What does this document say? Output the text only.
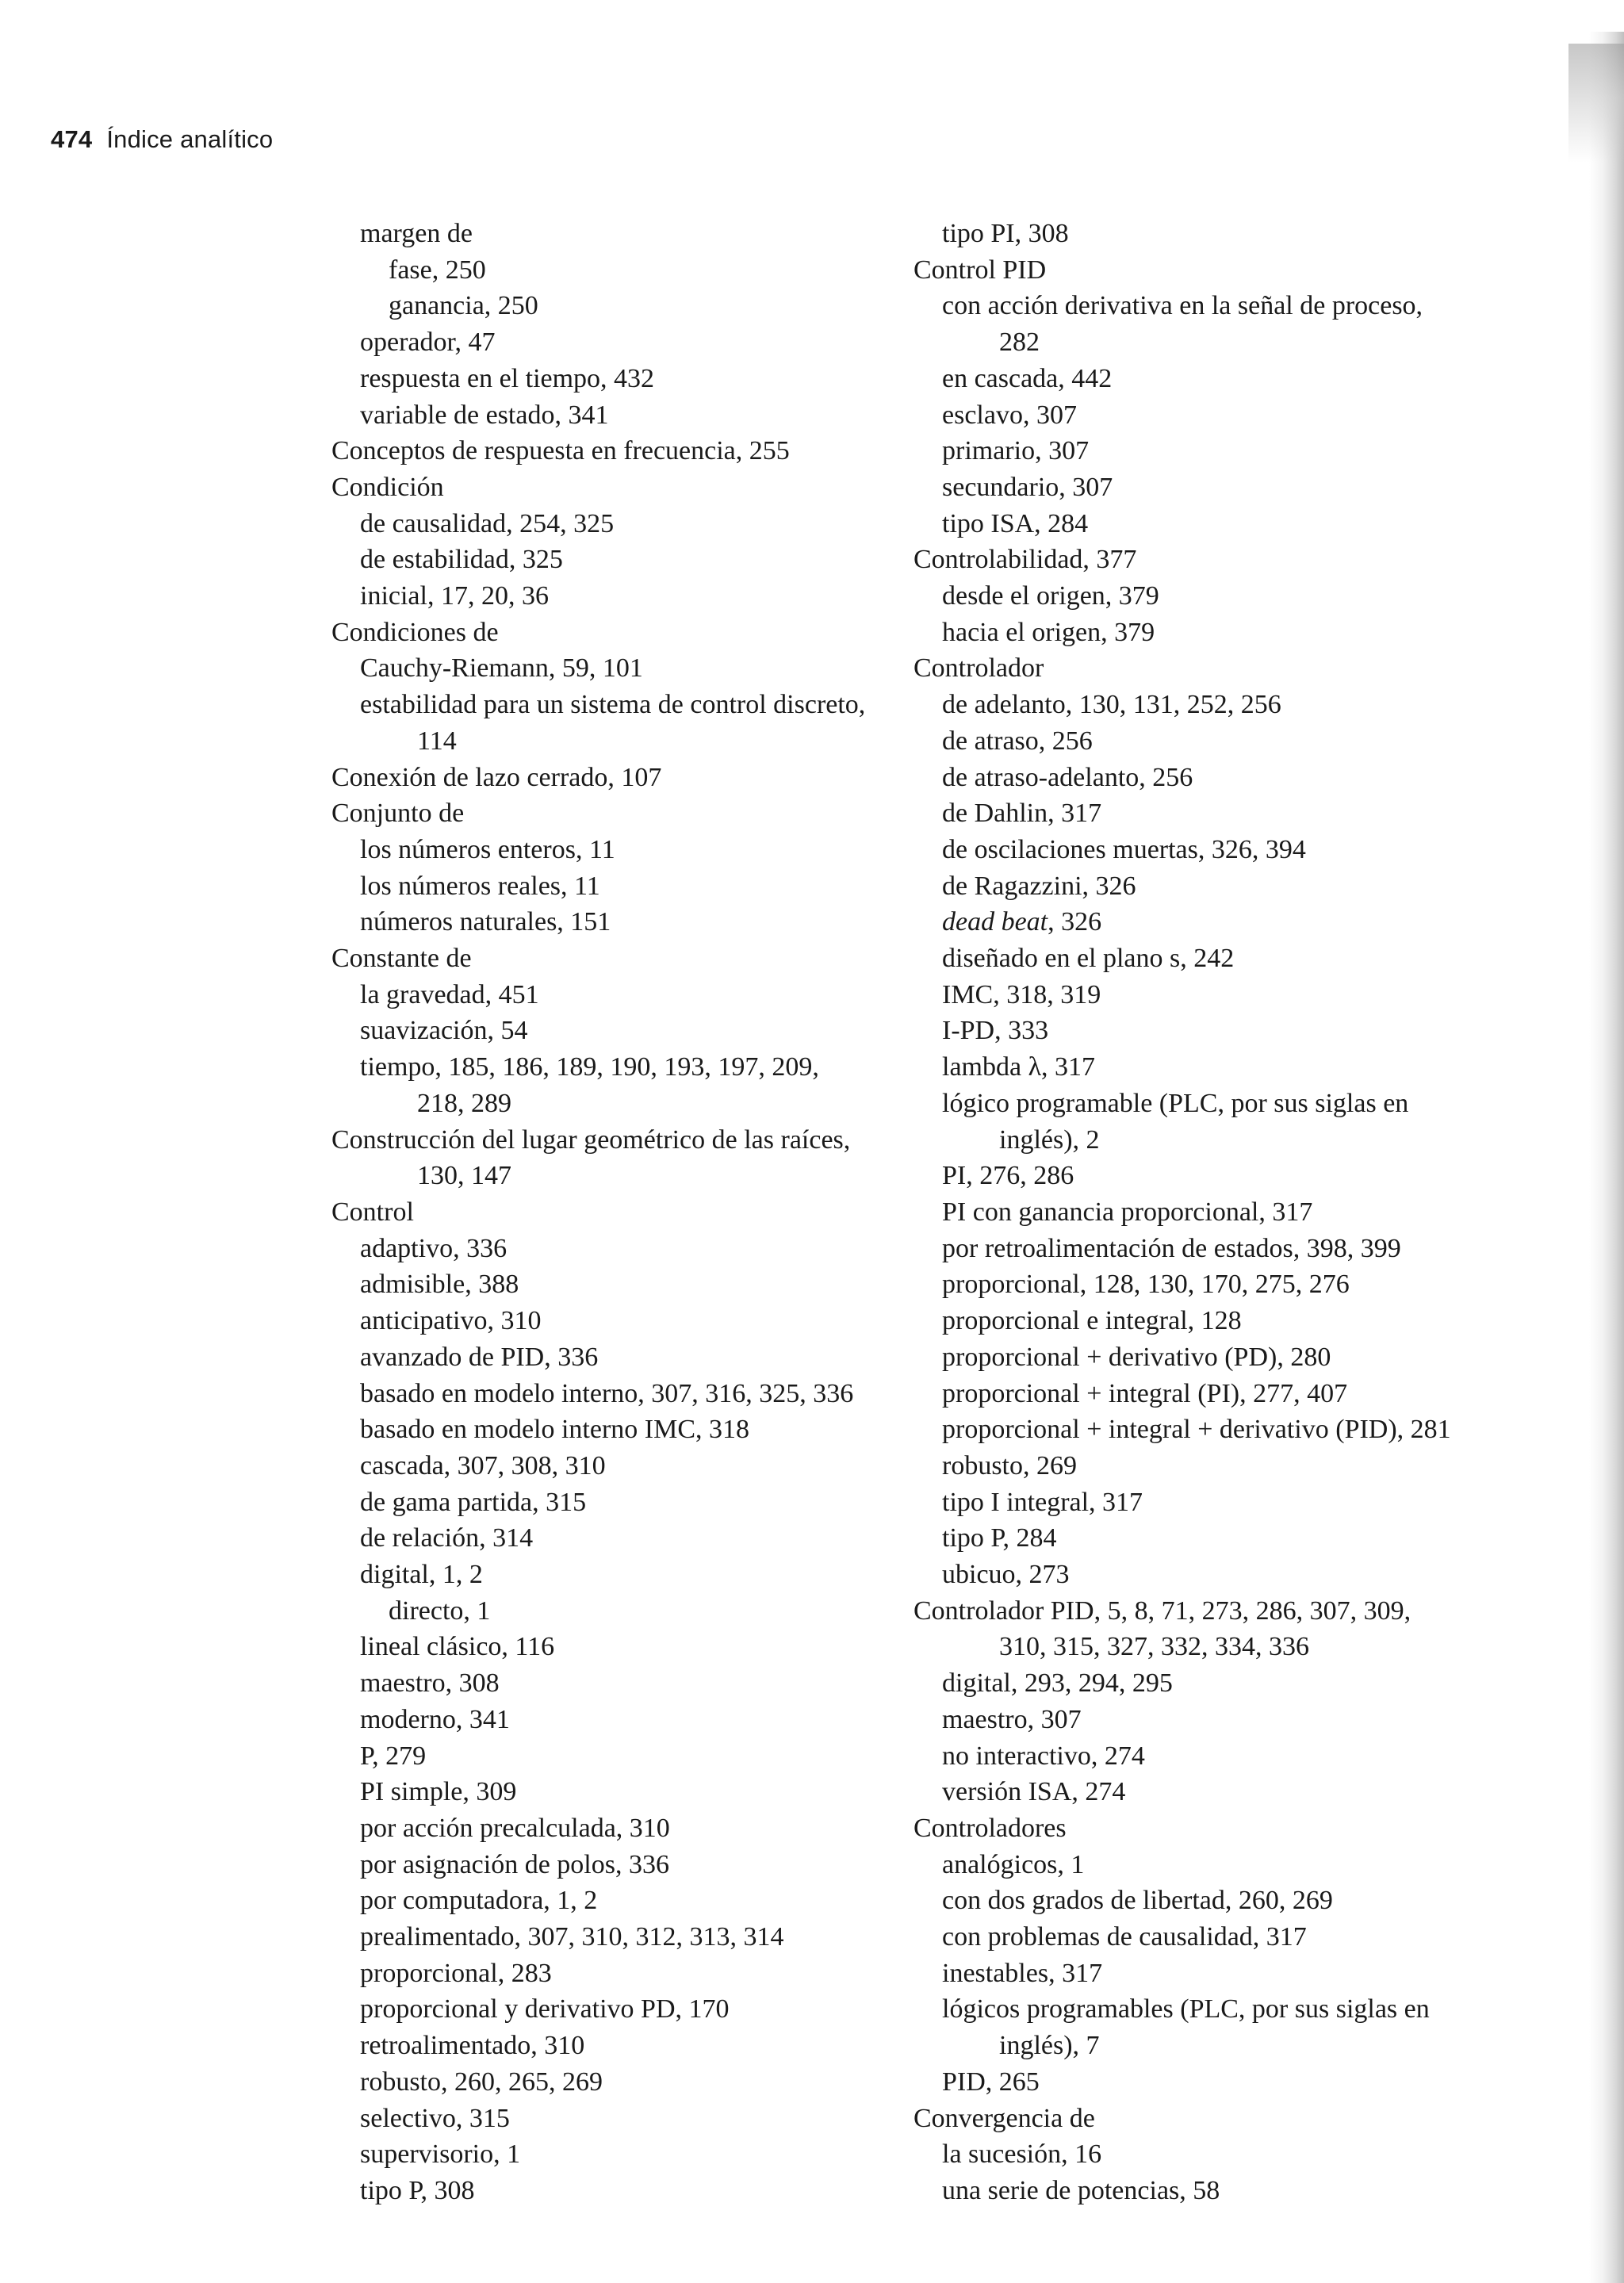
474 Índice analítico
margen de
fase, 250
ganancia, 250
operador, 47
respuesta en el tiempo, 432
variable de estado, 341
Conceptos de respuesta en frecuencia, 255
Condición
de causalidad, 254, 325
de estabilidad, 325
inicial, 17, 20, 36
Condiciones de
Cauchy-Riemann, 59, 101
estabilidad para un sistema de control discreto,
114
Conexión de lazo cerrado, 107
Conjunto de
los números enteros, 11
los números reales, 11
números naturales, 151
Constante de
la gravedad, 451
suavización, 54
tiempo, 185, 186, 189, 190, 193, 197, 209,
218, 289
Construcción del lugar geométrico de las raíces,
130, 147
Control
adaptivo, 336
admisible, 388
anticipativo, 310
avanzado de PID, 336
basado en modelo interno, 307, 316, 325, 336
basado en modelo interno IMC, 318
cascada, 307, 308, 310
de gama partida, 315
de relación, 314
digital, 1, 2
directo, 1
lineal clásico, 116
maestro, 308
moderno, 341
P, 279
PI simple, 309
por acción precalculada, 310
por asignación de polos, 336
por computadora, 1, 2
prealimentado, 307, 310, 312, 313, 314
proporcional, 283
proporcional y derivativo PD, 170
retroalimentado, 310
robusto, 260, 265, 269
selectivo, 315
supervisorio, 1
tipo P, 308
tipo PI, 308
Control PID
con acción derivativa en la señal de proceso,
282
en cascada, 442
esclavo, 307
primario, 307
secundario, 307
tipo ISA, 284
Controlabilidad, 377
desde el origen, 379
hacia el origen, 379
Controlador
de adelanto, 130, 131, 252, 256
de atraso, 256
de atraso-adelanto, 256
de Dahlin, 317
de oscilaciones muertas, 326, 394
de Ragazzini, 326
dead beat, 326
diseñado en el plano s, 242
IMC, 318, 319
I-PD, 333
lambda λ, 317
lógico programable (PLC, por sus siglas en
inglés), 2
PI, 276, 286
PI con ganancia proporcional, 317
por retroalimentación de estados, 398, 399
proporcional, 128, 130, 170, 275, 276
proporcional e integral, 128
proporcional + derivativo (PD), 280
proporcional + integral (PI), 277, 407
proporcional + integral + derivativo (PID), 281
robusto, 269
tipo I integral, 317
tipo P, 284
ubicuo, 273
Controlador PID, 5, 8, 71, 273, 286, 307, 309,
310, 315, 327, 332, 334, 336
digital, 293, 294, 295
maestro, 307
no interactivo, 274
versión ISA, 274
Controladores
analógicos, 1
con dos grados de libertad, 260, 269
con problemas de causalidad, 317
inestables, 317
lógicos programables (PLC, por sus siglas en
inglés), 7
PID, 265
Convergencia de
la sucesión, 16
una serie de potencias, 58
